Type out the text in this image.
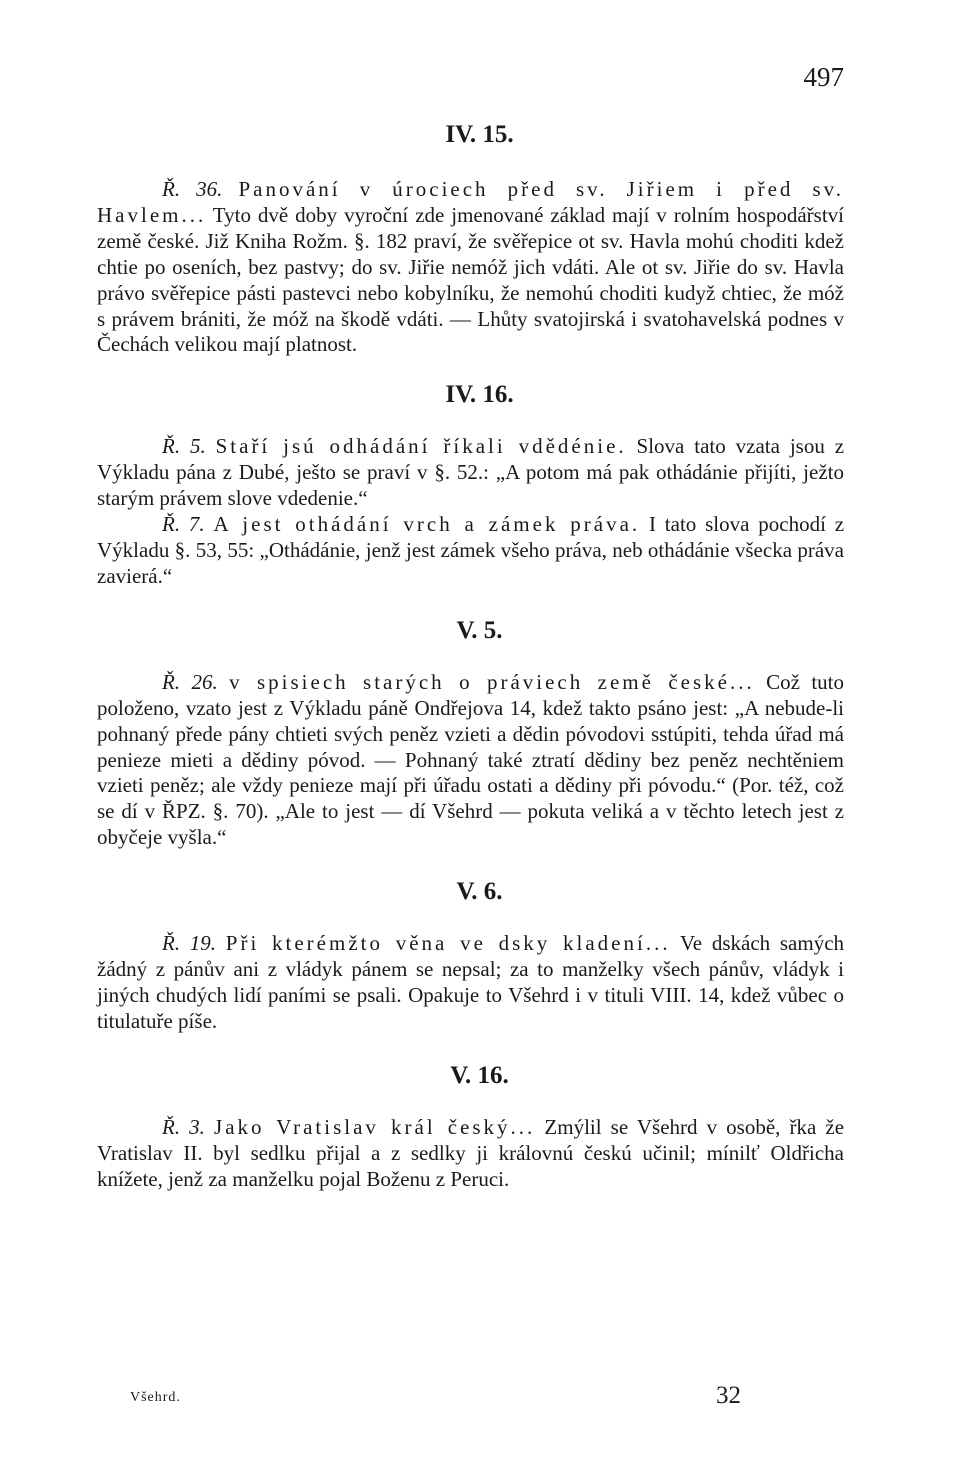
497
IV. 15.

Ř. 36. Panování v úrociech před sv. Jiřiem i před sv. Havlem... Tyto dvě doby vyroční zde jmenované základ mají v rolním hospodářství země české. Již Kniha Rožm. §. 182 praví, že svěřepice ot sv. Havla mohú choditi kdež chtie po oseních, bez pastvy; do sv. Jiřie nemóž jich vdáti. Ale ot sv. Jiřie do sv. Havla právo svěřepice pásti pastevci nebo kobylníku, že nemohú choditi kudyž chtiec, že móž s právem brániti, že móž na škodě vdáti. — Lhůty svatojirská i svatohavelská podnes v Čechách velikou mají platnost.

IV. 16.

Ř. 5. Staří jsú odhádání říkali vdědénie. Slova tato vzata jsou z Výkladu pána z Dubé, ješto se praví v §. 52.: „A potom má pak othádánie přijíti, ježto starým právem slove vdedenie.“

Ř. 7. A jest othádání vrch a zámek práva. I tato slova pochodí z Výkladu §. 53, 55: „Othádánie, jenž jest zámek všeho práva, neb othádánie všecka práva zavierá.“

V. 5.

Ř. 26. v spisiech starých o práviech země české... Což tuto položeno, vzato jest z Výkladu páně Ondřejova 14, kdež takto psáno jest: „A nebude-li pohnaný přede pány chtieti svých peněz vzieti a dědin póvodovi sstúpiti, tehda úřad má penieze mieti a dědiny póvod. — Pohnaný také ztratí dědiny bez peněz nechtěniem vzieti peněz; ale vždy penieze mají při úřadu ostati a dědiny při póvodu.“ (Por. též, což se dí v ŘPZ. §. 70). „Ale to jest — dí Všehrd — pokuta veliká a v těchto letech jest z obyčeje vyšla.“

V. 6.

Ř. 19. Při kterémžto věna ve dsky kladení... Ve dskách samých žádný z pánův ani z vládyk pánem se nepsal; za to manželky všech pánův, vládyk i jiných chudých lidí paními se psali. Opakuje to Všehrd i v tituli VIII. 14, kdež vůbec o titulatuře píše.

V. 16.

Ř. 3. Jako Vratislav král český... Zmýlil se Všehrd v osobě, řka že Vratislav II. byl sedlku přijal a z sedlky ji královnú českú učinil; mínilť Oldřicha knížete, jenž za manželku pojal Boženu z Peruci.

Všehrd.	32
